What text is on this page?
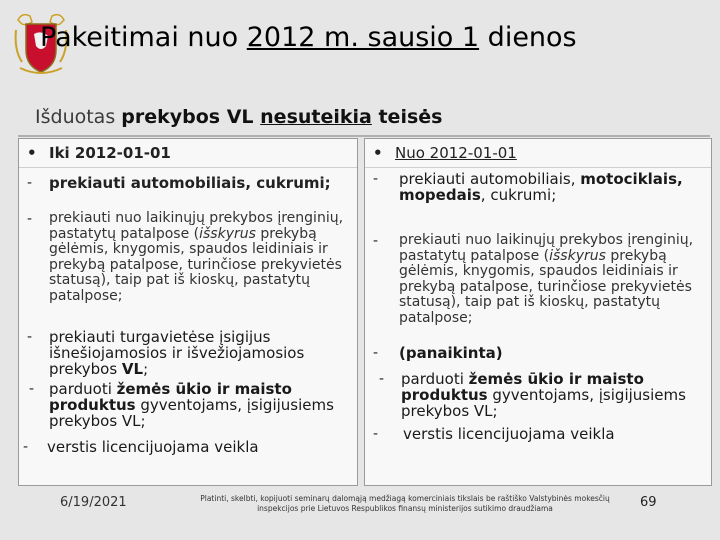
Pakeitimai nuo 2012 m. sausio 1 dienos
Išduotas prekybos VL nesuteikia teisės
• Iki 2012-01-01
- prekiauti automobiliais, cukrumi;
- prekiauti nuo laikinųjų prekybos įrenginių, pastatytų patalpose (išskyrus prekybą gėlėmis, knygomis, spaudos leidiniais ir prekybą patalpose, turinčiose prekyvietės statusą), taip pat iš kioskų, pastatytų patalpose;
- prekiauti turgavietėse įsigijus išnešiojamosios ir išvežiojamosios prekybos VL;
- parduoti žemės ūkio ir maisto produktus gyventojams, įsigijusiems prekybos VL;
- verstis licencijuojama veikla
• Nuo 2012-01-01
- prekiauti automobiliais, motociklais, mopedais, cukrumi;
- prekiauti nuo laikinųjų prekybos įrenginių, pastatytų patalpose (išskyrus prekybą gėlėmis, knygomis, spaudos leidiniais ir prekybą patalpose, turinčiose prekyvietės statusą), taip pat iš kioskų, pastatytų patalpose;
- (panaikinta)
- parduoti žemės ūkio ir maisto produktus gyventojams, įsigijusiems prekybos VL;
- verstis licencijuojama veikla
6/19/2021	Platinti, skelbti, kopijuoti seminarų dalomąją medžiagą komerciniais tikslais be raštiško Valstybinės mokesčių inspekcijos prie Lietuvos Respublikos finansų ministerijos sutikimo draudžiama	69
